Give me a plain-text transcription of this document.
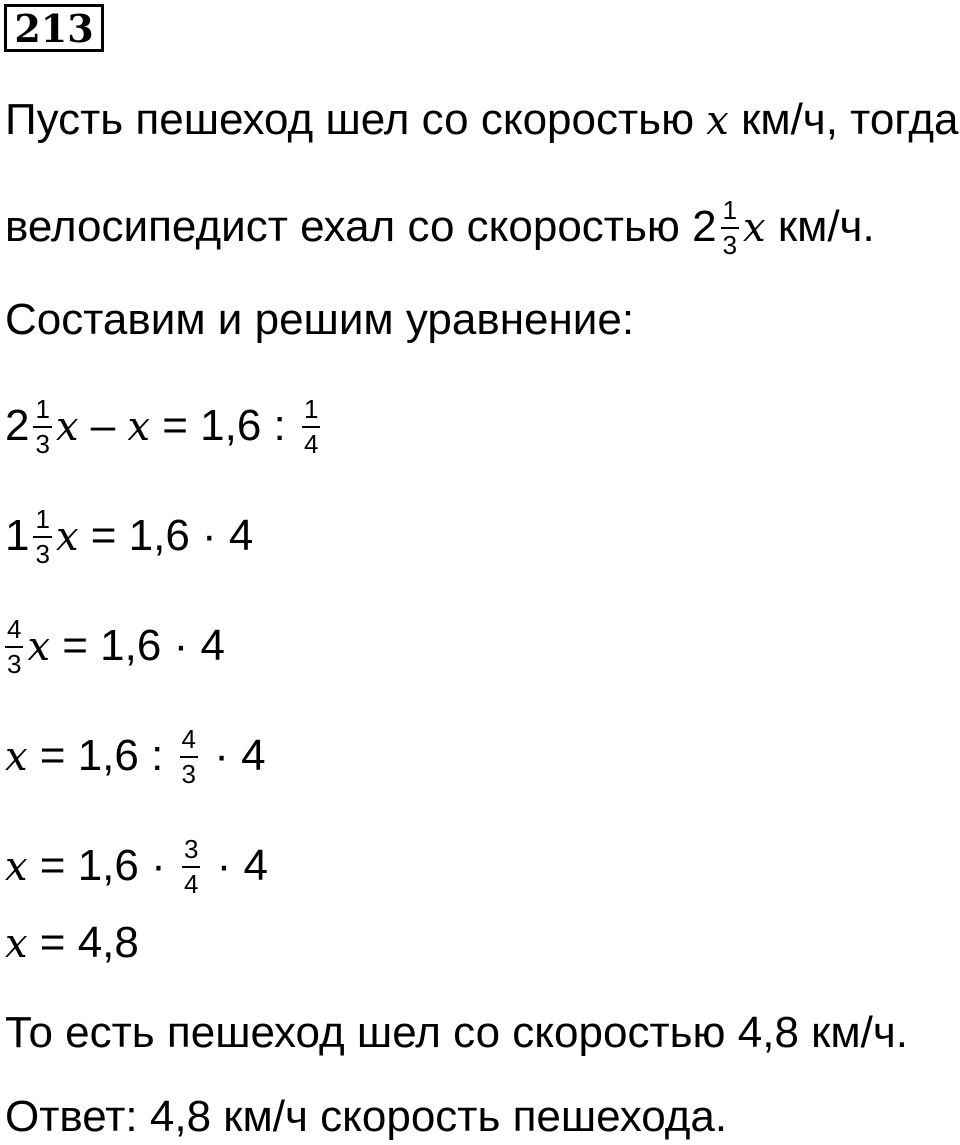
213
Пусть пешеход шел со скоростью x км/ч, тогда
велосипедист ехал со скоростью $2 \frac{1}{3}$ x км/ч.
Составим и решим уравнение:
$2 \frac{1}{3}$ x – x = 1,6 : $\frac{1}{4}$
$1 \frac{1}{3}$ x = 1,6 · 4
$\frac{4}{3}$ x = 1,6 · 4
x = 1,6 : $\frac{4}{3} \cdot 4$
$x = 1,6 \cdot \frac{3}{4} \cdot 4$
x = 4,8
То есть пешеход шел со скоростью 4,8 км/ч.
Ответ: 4,8 км/ч скорость пешехода.
